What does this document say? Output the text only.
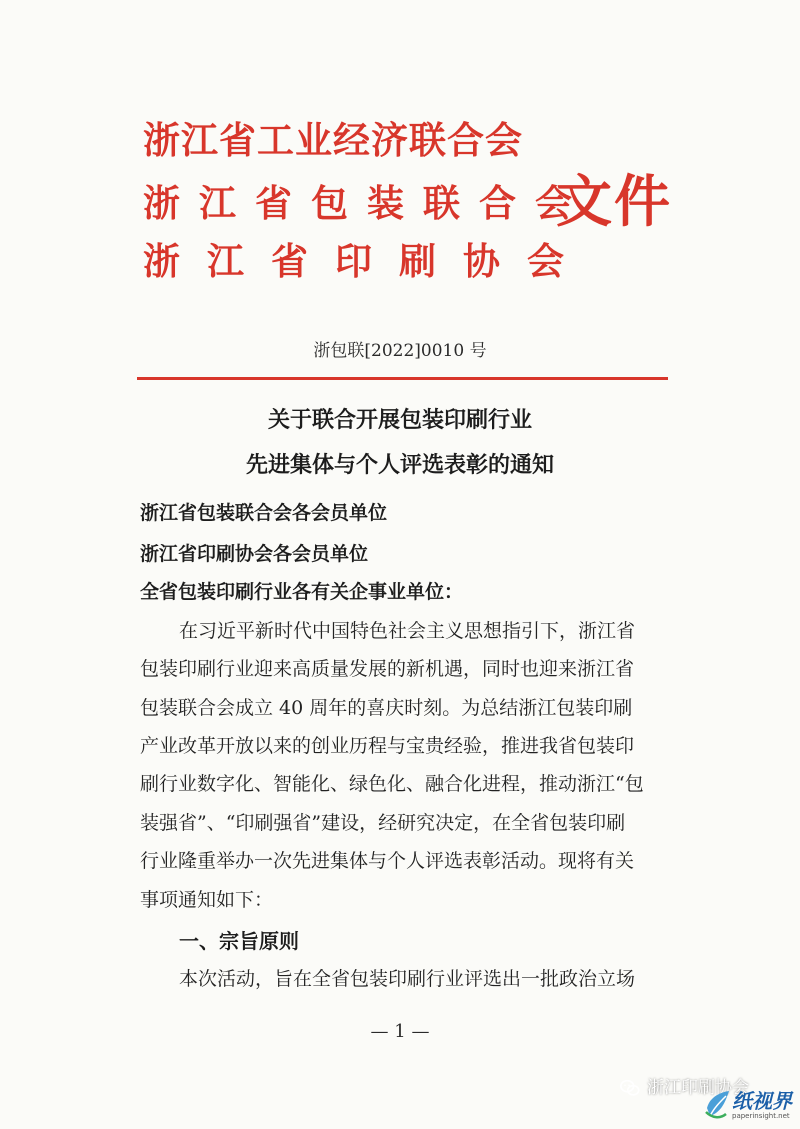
浙江省工业经济联合会
浙江省包装联合会
浙江省印刷协会
文件
浙包联[2022]0010 号
关于联合开展包装印刷行业
先进集体与个人评选表彰的通知
浙江省包装联合会各会员单位
浙江省印刷协会各会员单位
全省包装印刷行业各有关企事业单位：
在习近平新时代中国特色社会主义思想指引下，浙江省
包装印刷行业迎来高质量发展的新机遇，同时也迎来浙江省
包装联合会成立 40 周年的喜庆时刻。为总结浙江包装印刷
产业改革开放以来的创业历程与宝贵经验，推进我省包装印
刷行业数字化、智能化、绿色化、融合化进程，推动浙江“包
装强省”、“印刷强省”建设，经研究决定，在全省包装印刷
行业隆重举办一次先进集体与个人评选表彰活动。现将有关
事项通知如下：
一、宗旨原则
本次活动，旨在全省包装印刷行业评选出一批政治立场
— 1 —
浙江印刷协会
纸视界
paperinsight.net
